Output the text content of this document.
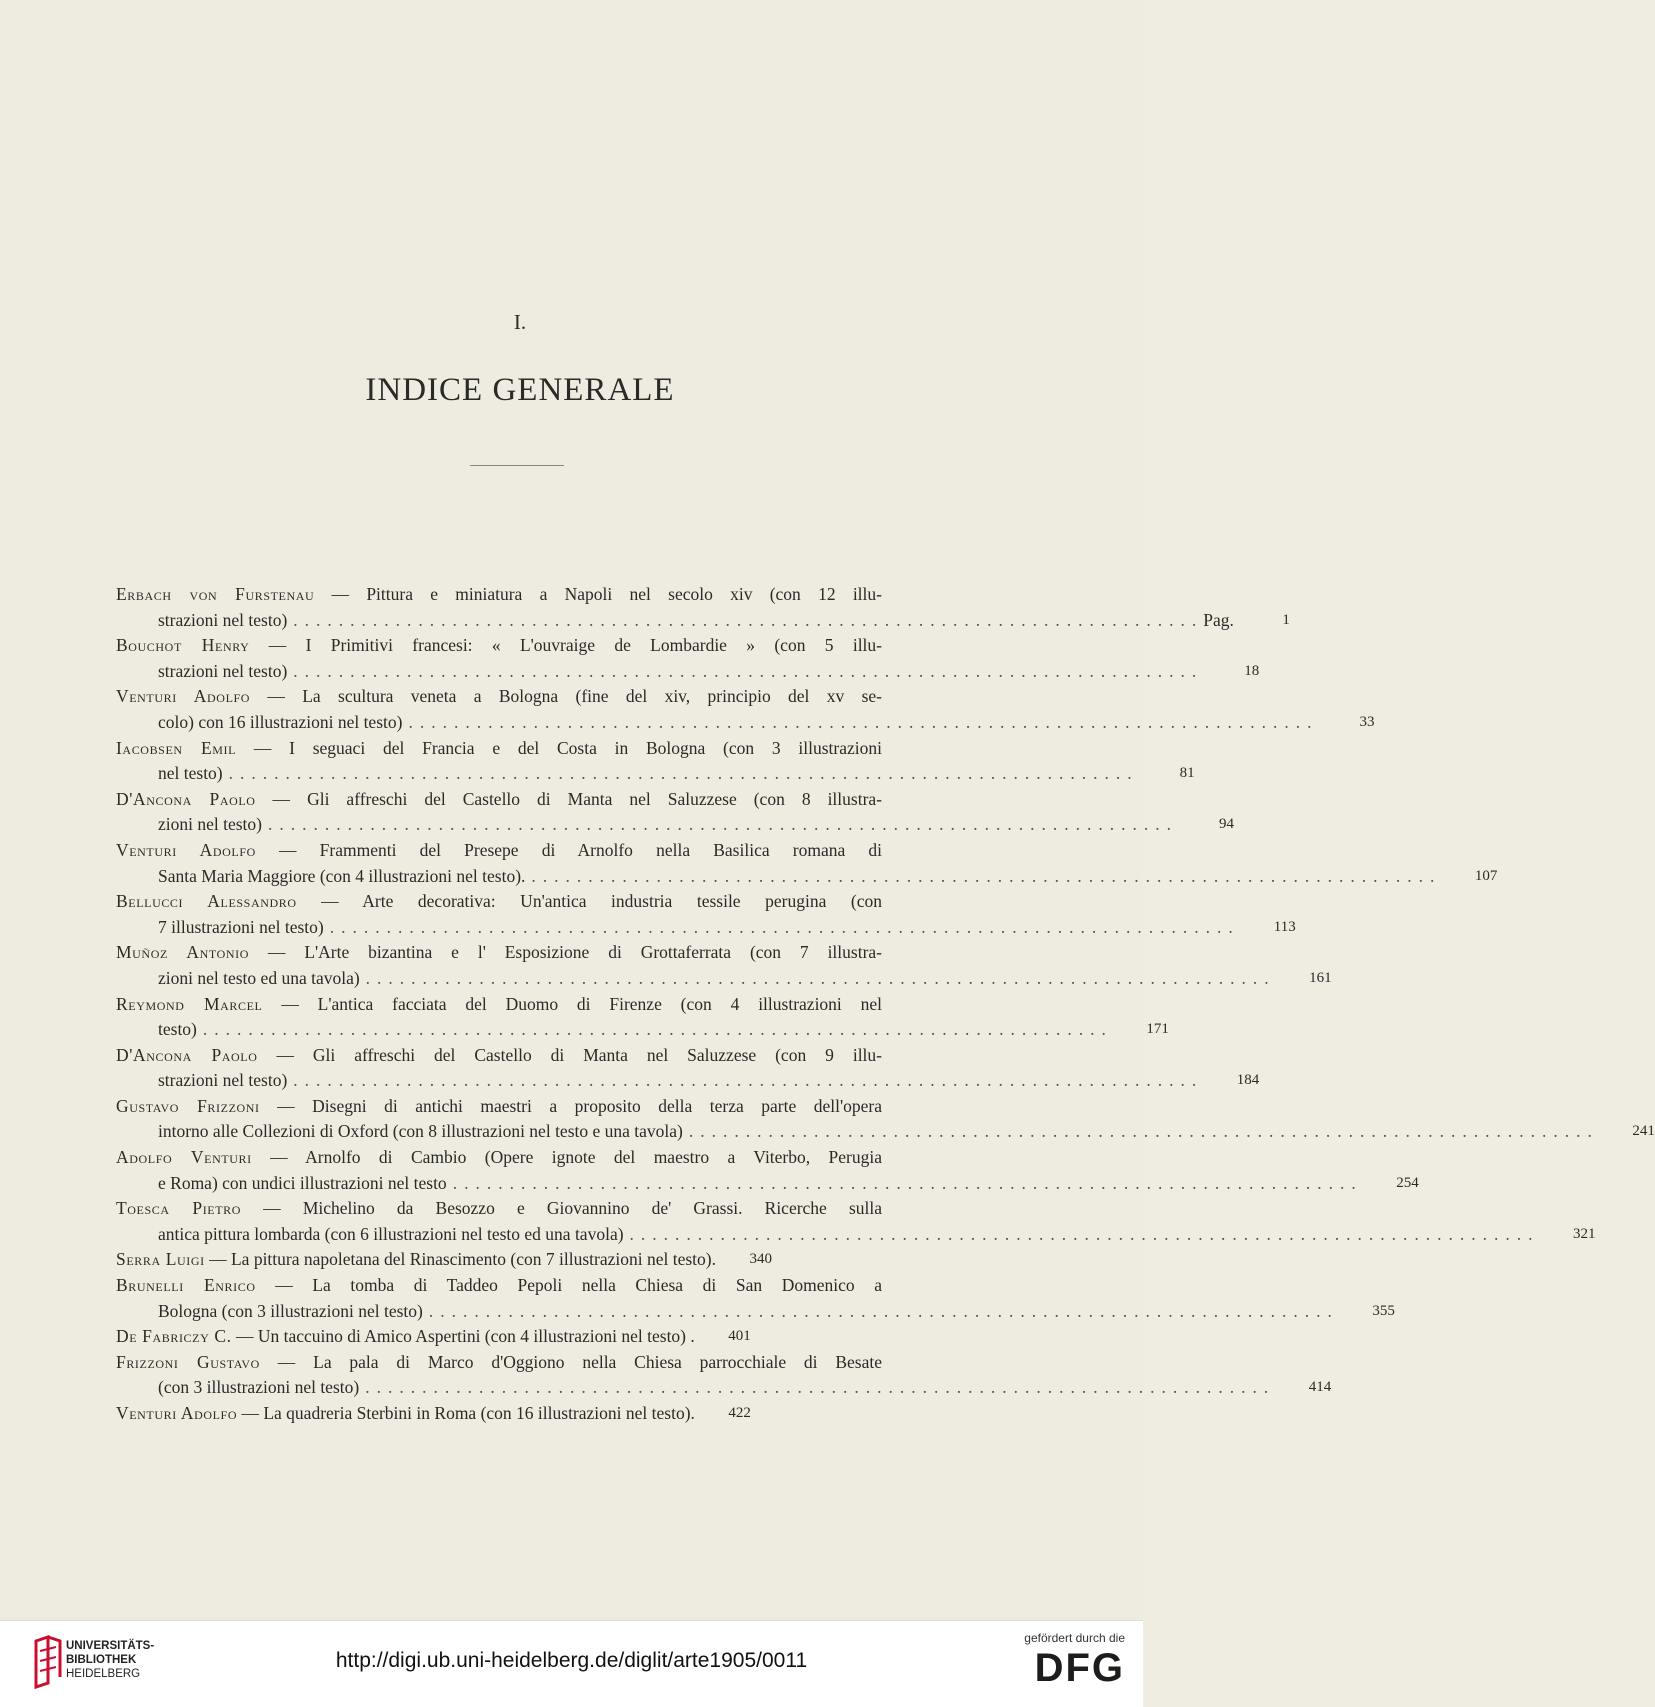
I.
INDICE GENERALE
Erbach von Furstenau — Pittura e miniatura a Napoli nel secolo xiv (con 12 illu-
strazioni nel testo) ................................................................................ Pag.	1
Bouchot Henry — I Primitivi francesi: « L'ouvraige de Lombardie » (con 5 illu-
strazioni nel testo) ................................................................................	18
Venturi Adolfo — La scultura veneta a Bologna (fine del xiv, principio del xv se-
colo) con 16 illustrazioni nel testo) ................................................................................	33
Iacobsen Emil — I seguaci del Francia e del Costa in Bologna (con 3 illustrazioni
nel testo) ................................................................................	81
D'Ancona Paolo — Gli affreschi del Castello di Manta nel Saluzzese (con 8 illustra-
zioni nel testo) ................................................................................	94
Venturi Adolfo — Frammenti del Presepe di Arnolfo nella Basilica romana di
Santa Maria Maggiore (con 4 illustrazioni nel testo). ................................................................................	107
Bellucci Alessandro — Arte decorativa: Un'antica industria tessile perugina (con
7 illustrazioni nel testo) ................................................................................	113
Muñoz Antonio — L'Arte bizantina e l' Esposizione di Grottaferrata (con 7 illustra-
zioni nel testo ed una tavola) ................................................................................	161
Reymond Marcel — L'antica facciata del Duomo di Firenze (con 4 illustrazioni nel
testo) ................................................................................	171
D'Ancona Paolo — Gli affreschi del Castello di Manta nel Saluzzese (con 9 illu-
strazioni nel testo) ................................................................................	184
Gustavo Frizzoni — Disegni di antichi maestri a proposito della terza parte dell'opera
intorno alle Collezioni di Oxford (con 8 illustrazioni nel testo e una tavola) ................................................................................	241
Adolfo Venturi — Arnolfo di Cambio (Opere ignote del maestro a Viterbo, Perugia
e Roma) con undici illustrazioni nel testo ................................................................................	254
Toesca Pietro — Michelino da Besozzo e Giovannino de' Grassi. Ricerche sulla
antica pittura lombarda (con 6 illustrazioni nel testo ed una tavola) ................................................................................	321
Serra Luigi — La pittura napoletana del Rinascimento (con 7 illustrazioni nel testo).	340
Brunelli Enrico — La tomba di Taddeo Pepoli nella Chiesa di San Domenico a
Bologna (con 3 illustrazioni nel testo) ................................................................................	355
De Fabriczy C. — Un taccuino di Amico Aspertini (con 4 illustrazioni nel testo) .	401
Frizzoni Gustavo — La pala di Marco d'Oggiono nella Chiesa parrocchiale di Besate
(con 3 illustrazioni nel testo) ................................................................................	414
Venturi Adolfo — La quadreria Sterbini in Roma (con 16 illustrazioni nel testo).	422
UNIVERSITÄTS-
BIBLIOTHEK
HEIDELBERG
http://digi.ub.uni-heidelberg.de/diglit/arte1905/0011
gefördert durch die
DFG
